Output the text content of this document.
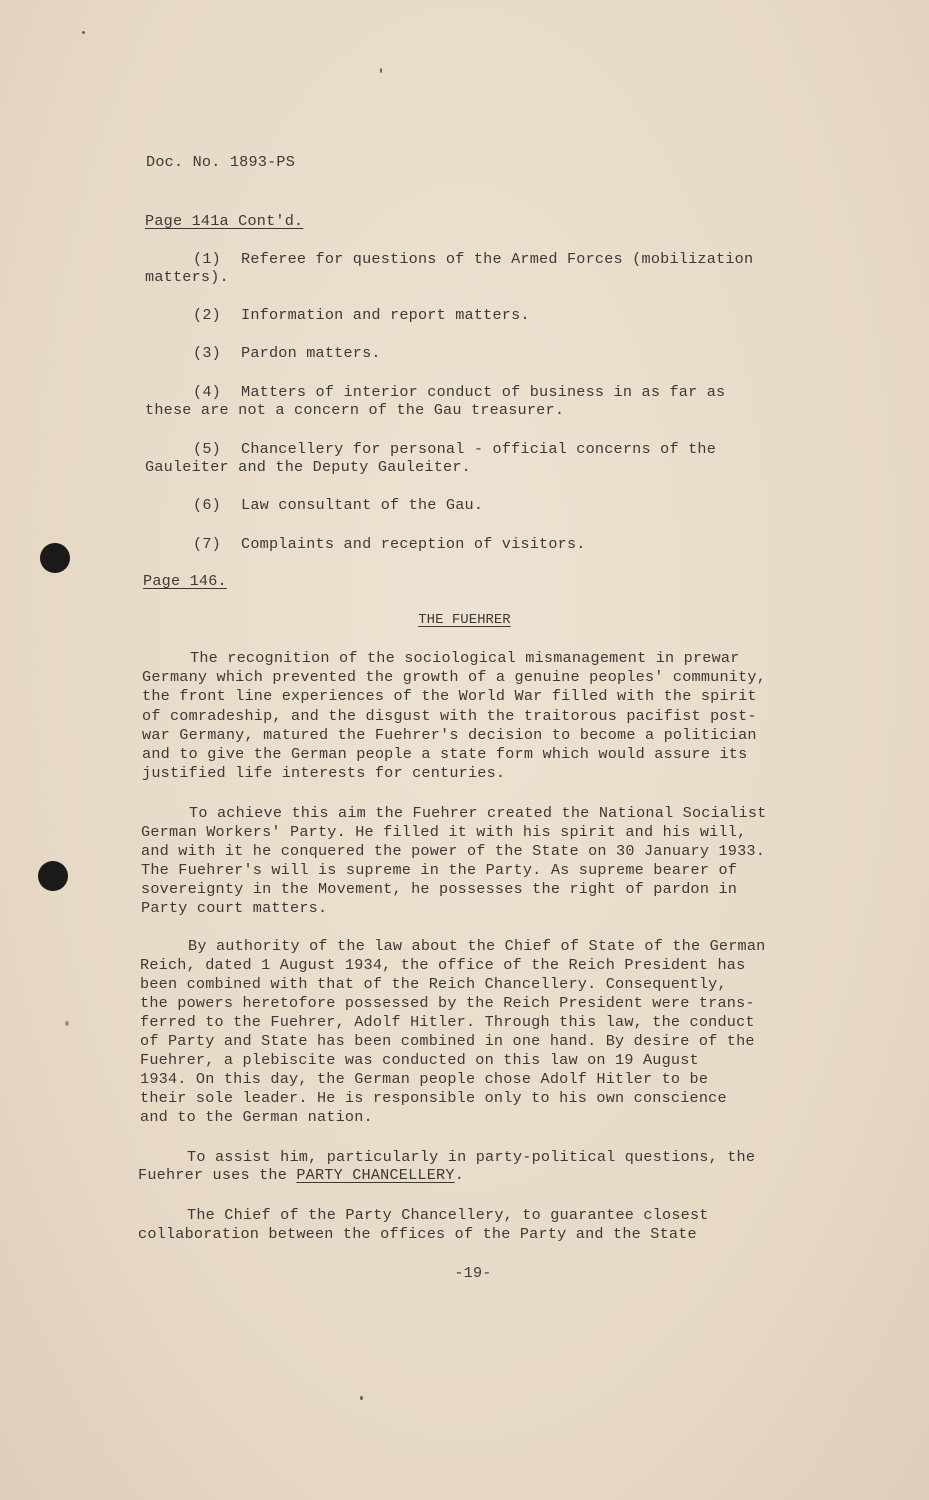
Doc. No. 1893-PS
Page 141a Cont'd.
(1) Referee for questions of the Armed Forces (mobilization
matters).
(2) Information and report matters.
(3) Pardon matters.
(4) Matters of interior conduct of business in as far as
these are not a concern of the Gau treasurer.
(5) Chancellery for personal - official concerns of the
Gauleiter and the Deputy Gauleiter.
(6) Law consultant of the Gau.
(7) Complaints and reception of visitors.
Page 146.
THE FUEHRER
The recognition of the sociological mismanagement in prewar
Germany which prevented the growth of a genuine peoples' community,
the front line experiences of the World War filled with the spirit
of comradeship, and the disgust with the traitorous pacifist post-
war Germany, matured the Fuehrer's decision to become a politician
and to give the German people a state form which would assure its
justified life interests for centuries.
To achieve this aim the Fuehrer created the National Socialist
German Workers' Party. He filled it with his spirit and his will,
and with it he conquered the power of the State on 30 January 1933.
The Fuehrer's will is supreme in the Party. As supreme bearer of
sovereignty in the Movement, he possesses the right of pardon in
Party court matters.
By authority of the law about the Chief of State of the German
Reich, dated 1 August 1934, the office of the Reich President has
been combined with that of the Reich Chancellery. Consequently,
the powers heretofore possessed by the Reich President were trans-
ferred to the Fuehrer, Adolf Hitler. Through this law, the conduct
of Party and State has been combined in one hand. By desire of the
Fuehrer, a plebiscite was conducted on this law on 19 August
1934. On this day, the German people chose Adolf Hitler to be
their sole leader. He is responsible only to his own conscience
and to the German nation.
To assist him, particularly in party-political questions, the
Fuehrer uses the PARTY CHANCELLERY.
The Chief of the Party Chancellery, to guarantee closest
collaboration between the offices of the Party and the State
-19-
